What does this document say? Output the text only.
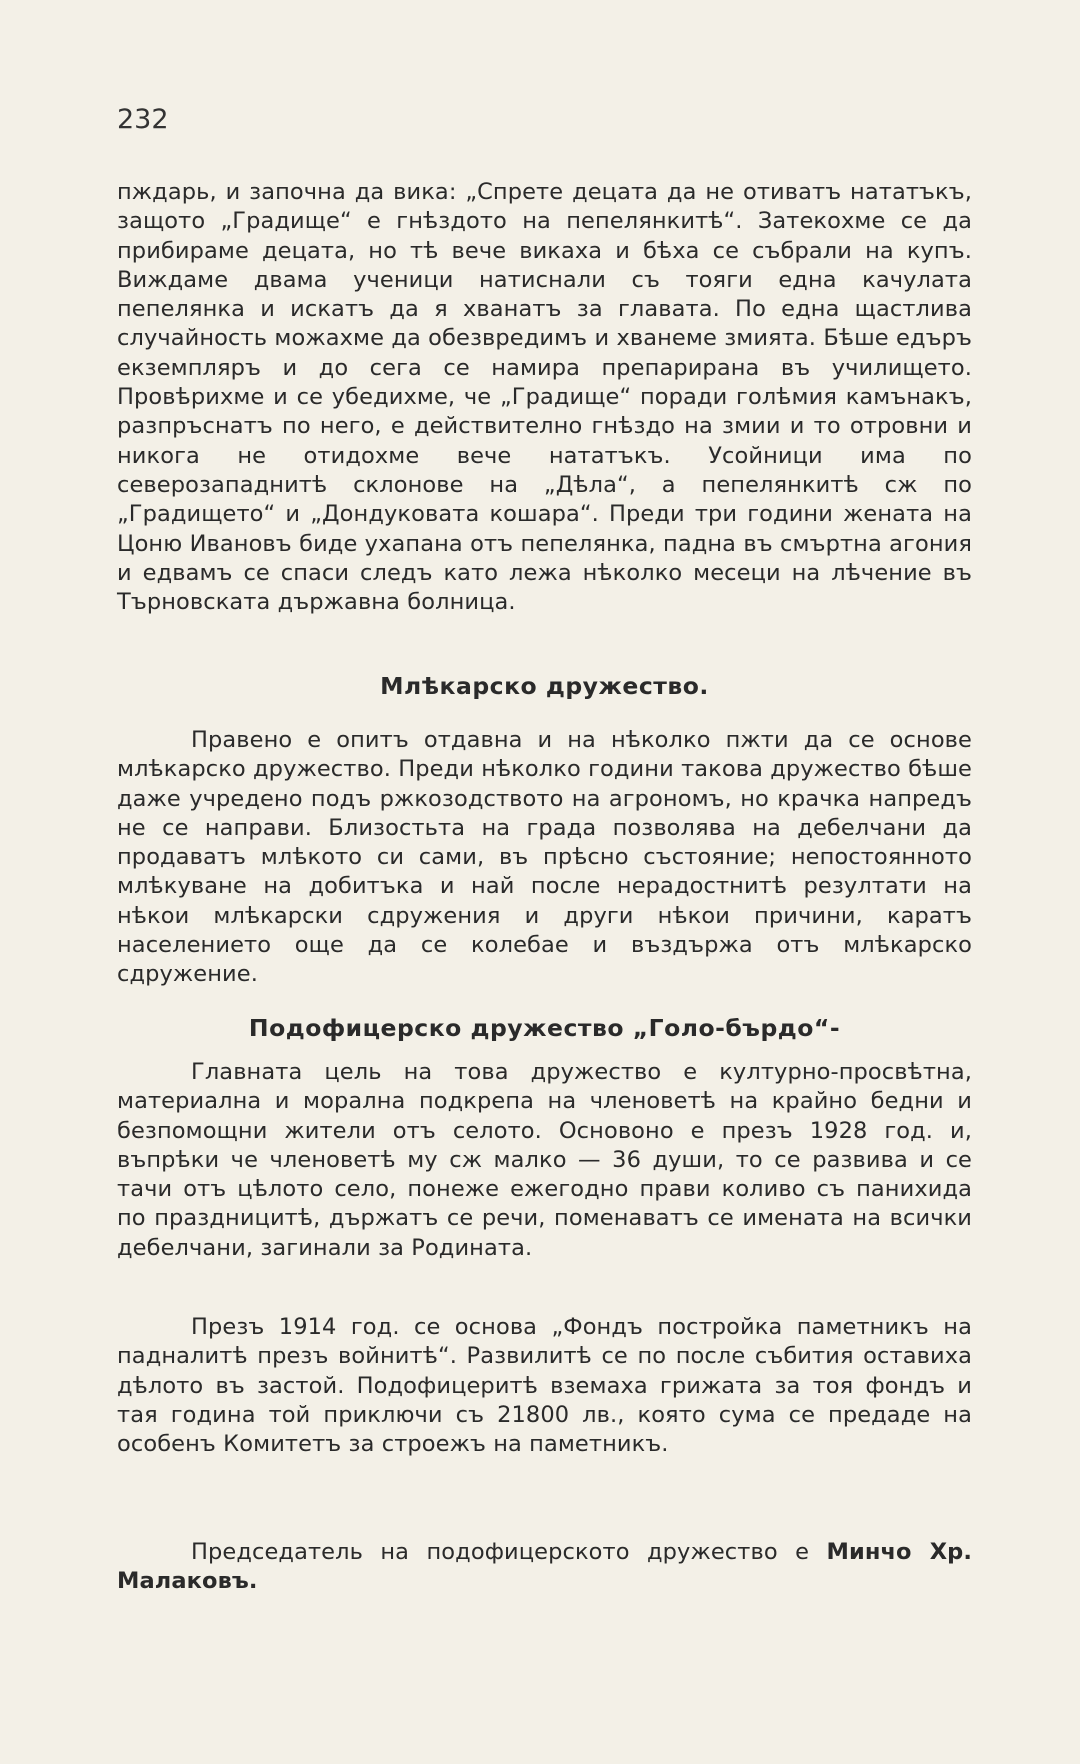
232

пждарь, и започна да вика: „Спрете децата да не отиватъ нататъкъ, защото „Градище“ е гнѣздото на пепелянкитѣ“. Затекохме се да прибираме децата, но тѣ вече викаха и бѣха се събрали на купъ. Виждаме двама ученици натиснали съ тояги една качулата пепелянка и искатъ да я хванатъ за главата. По една щастлива случайность можахме да обезвредимъ и хванеме змията. Бѣше едъръ екземпляръ и до сега се намира препарирана въ училището. Провѣрихме и се убедихме, че „Градище“ поради голѣмия камънакъ, разпръснатъ по него, е действително гнѣздо на змии и то отровни и никога не отидохме вече нататъкъ. Усойници има по северозападнитѣ склонове на „Дѣла“, а пепелянкитѣ сж по „Градището“ и „Дондуковата кошара“. Преди три години жената на Цоню Ивановъ биде ухапана отъ пепелянка, падна въ смъртна агония и едвамъ се спаси следъ като лежа нѣколко месеци на лѣчение въ Търновската държавна болница.

Млѣкарско дружество.

Правено е опитъ отдавна и на нѣколко пжти да се основе млѣкарско дружество. Преди нѣколко години такова дружество бѣше даже учредено подъ ржкозодството на агрономъ, но крачка напредъ не се направи. Близостьта на града позволява на дебелчани да продаватъ млѣкото си сами, въ прѣсно състояние; непостоянното млѣкуване на добитъка и най после нерадостнитѣ резултати на нѣкои млѣкарски сдружения и други нѣкои причини, каратъ населението още да се колебае и въздържа отъ млѣкарско сдружение.

Подофицерско дружество „Голо-бърдо“-

Главната цель на това дружество е културно-просвѣтна, материална и морална подкрепа на членоветѣ на крайно бедни и безпомощни жители отъ селото. Основоно е презъ 1928 год. и, въпрѣки че членоветѣ му сж малко — 36 души, то се развива и се тачи отъ цѣлото село, понеже ежегодно прави коливо съ панихида по праздницитѣ, държатъ се речи, поменаватъ се имената на всички дебелчани, загинали за Родината.

Презъ 1914 год. се основа „Фондъ постройка паметникъ на падналитѣ презъ войнитѣ“. Развилитѣ се по после събития оставиха дѣлото въ застой. Подофицеритѣ вземаха грижата за тоя фондъ и тая година той приключи съ 21800 лв., която сума се предаде на особенъ Комитетъ за строежъ на паметникъ.

Председатель на подофицерското дружество е Минчо Хр. Малаковъ.
